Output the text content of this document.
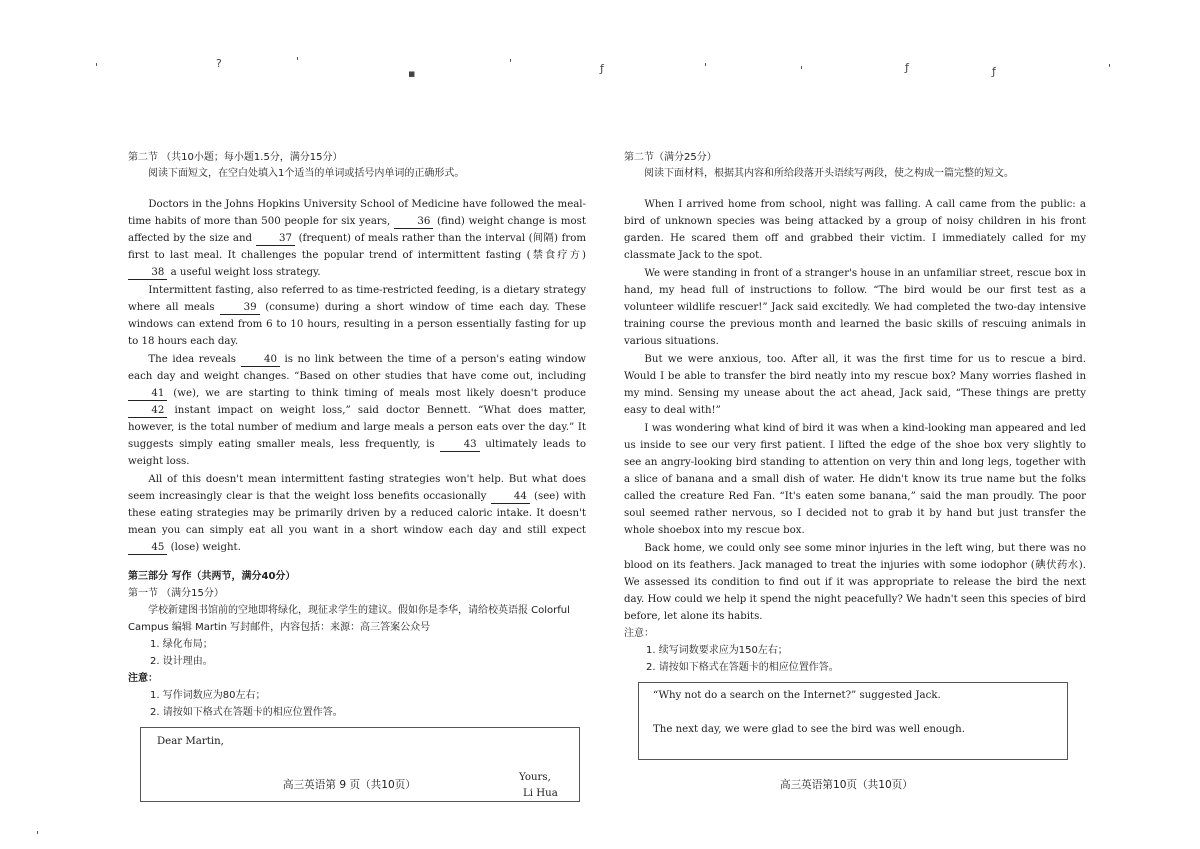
'	?	'
▪
'	ƒ	'	'	ƒ	ƒ	'
'

第二节 （共10小题；每小题1.5分，满分15分）

阅读下面短文，在空白处填入1个适当的单词或括号内单词的正确形式。

Doctors in the Johns Hopkins University School of Medicine have followed the meal-time habits of more than 500 people for six years, 36 (find) weight change is most affected by the size and 37 (frequent) of meals rather than the interval (间隔) from first to last meal. It challenges the popular trend of intermittent fasting (禁食疗方) 38 a useful weight loss strategy.

Intermittent fasting, also referred to as time-restricted feeding, is a dietary strategy where all meals 39 (consume) during a short window of time each day. These windows can extend from 6 to 10 hours, resulting in a person essentially fasting for up to 18 hours each day.

The idea reveals 40 is no link between the time of a person's eating window each day and weight changes. “Based on other studies that have come out, including 41 (we), we are starting to think timing of meals most likely doesn't produce 42 instant impact on weight loss,” said doctor Bennett. “What does matter, however, is the total number of medium and large meals a person eats over the day.” It suggests simply eating smaller meals, less frequently, is 43 ultimately leads to weight loss.

All of this doesn't mean intermittent fasting strategies won't help. But what does seem increasingly clear is that the weight loss benefits occasionally 44 (see) with these eating strategies may be primarily driven by a reduced caloric intake. It doesn't mean you can simply eat all you want in a short window each day and still expect 45 (lose) weight.

第三部分 写作（共两节，满分40分）

第一节 （满分15分）

学校新建图书馆前的空地即将绿化，现征求学生的建议。假如你是李华，请给校英语报 Colorful Campus 编辑 Martin 写封邮件，内容包括：来源：高三答案公众号

1. 绿化布局；

2. 设计理由。

注意：

1. 写作词数应为80左右；

2. 请按如下格式在答题卡的相应位置作答。

Dear Martin,
Yours,
Li Hua

第二节（满分25分）

阅读下面材料，根据其内容和所给段落开头语续写两段，使之构成一篇完整的短文。

When I arrived home from school, night was falling. A call came from the public: a bird of unknown species was being attacked by a group of noisy children in his front garden. He scared them off and grabbed their victim. I immediately called for my classmate Jack to the spot.

We were standing in front of a stranger's house in an unfamiliar street, rescue box in hand, my head full of instructions to follow. “The bird would be our first test as a volunteer wildlife rescuer!” Jack said excitedly. We had completed the two-day intensive training course the previous month and learned the basic skills of rescuing animals in various situations.

But we were anxious, too. After all, it was the first time for us to rescue a bird. Would I be able to transfer the bird neatly into my rescue box? Many worries flashed in my mind. Sensing my unease about the act ahead, Jack said, “These things are pretty easy to deal with!”

I was wondering what kind of bird it was when a kind-looking man appeared and led us inside to see our very first patient. I lifted the edge of the shoe box very slightly to see an angry-looking bird standing to attention on very thin and long legs, together with a slice of banana and a small dish of water. He didn't know its true name but the folks called the creature Red Fan. “It's eaten some banana,” said the man proudly. The poor soul seemed rather nervous, so I decided not to grab it by hand but just transfer the whole shoebox into my rescue box.

Back home, we could only see some minor injuries in the left wing, but there was no blood on its feathers. Jack managed to treat the injuries with some iodophor (碘伏药水). We assessed its condition to find out if it was appropriate to release the bird the next day. How could we help it spend the night peacefully? We hadn't seen this species of bird before, let alone its habits.

注意：

1. 续写词数要求应为150左右；

2. 请按如下格式在答题卡的相应位置作答。

“Why not do a search on the Internet?” suggested Jack.
The next day, we were glad to see the bird was well enough.
高三英语第 9 页（共10页）	高三英语第10页（共10页）
